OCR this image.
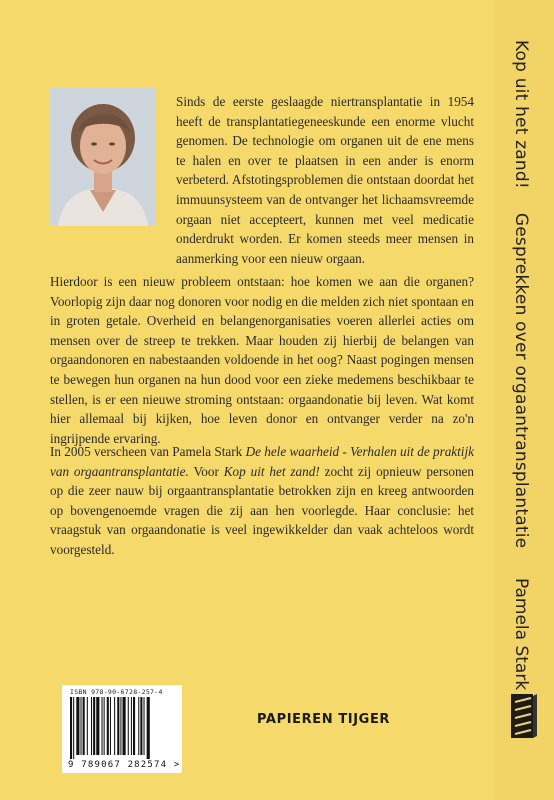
Kop uit het zand!Gesprekken over orgaantransplantatie
Pamela Stark

Sinds de eerste geslaagde niertransplantatie in 1954 heeft de transplantatiegeneeskunde een enorme vlucht genomen. De technologie om organen uit de ene mens te halen en over te plaatsen in een ander is enorm verbeterd. Afstotingsproblemen die ontstaan doordat het immuunsysteem van de ontvanger het lichaamsvreemde orgaan niet accepteert, kunnen met veel medicatie onderdrukt worden. Er komen steeds meer mensen in aanmerking voor een nieuw orgaan.

Hierdoor is een nieuw probleem ontstaan: hoe komen we aan die organen? Voorlopig zijn daar nog donoren voor nodig en die melden zich niet spontaan en in groten getale. Overheid en belangenorganisaties voeren allerlei acties om mensen over de streep te trekken. Maar houden zij hierbij de belangen van orgaandonoren en nabestaanden voldoende in het oog? Naast pogingen mensen te bewegen hun organen na hun dood voor een zieke medemens beschikbaar te stellen, is er een nieuwe stroming ontstaan: orgaandonatie bij leven. Wat komt hier allemaal bij kijken, hoe leven donor en ontvanger verder na zo'n ingrijpende ervaring.

In 2005 verscheen van Pamela Stark De hele waarheid - Verhalen uit de praktijk van orgaantransplantatie. Voor Kop uit het zand! zocht zij opnieuw personen op die zeer nauw bij orgaantransplantatie betrokken zijn en kreeg antwoorden op bovengenoemde vragen die zij aan hen voorlegde. Haar conclusie: het vraagstuk van orgaandonatie is veel ingewikkelder dan vaak achteloos wordt voorgesteld.

ISBN 978-90-6728-257-4
9 789067 282574 >
PAPIEREN TIJGER
